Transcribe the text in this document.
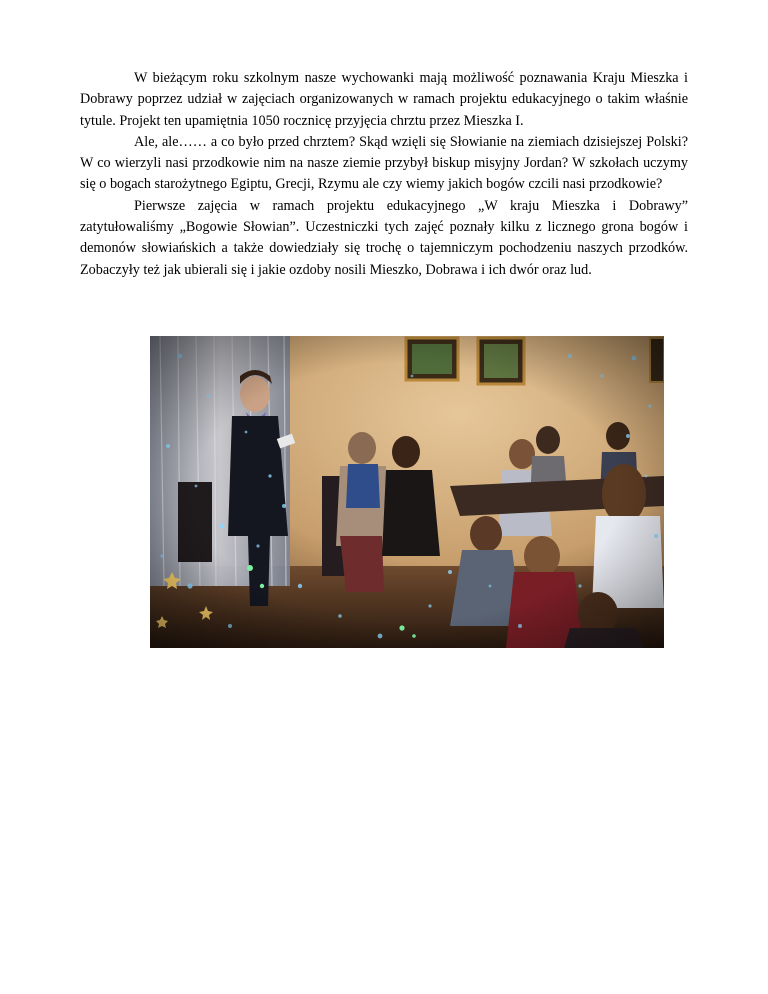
W bieżącym roku szkolnym nasze wychowanki mają możliwość poznawania Kraju Mieszka i Dobrawy poprzez udział w zajęciach organizowanych w ramach projektu edukacyjnego o takim właśnie tytule. Projekt ten upamiętnia 1050 rocznicę przyjęcia chrztu przez Mieszka I.

Ale, ale…… a co było przed chrztem? Skąd wzięli się Słowianie na ziemiach dzisiejszej Polski? W co wierzyli nasi przodkowie nim na nasze ziemie przybył biskup misyjny Jordan? W szkołach uczymy się o bogach starożytnego Egiptu, Grecji, Rzymu ale czy wiemy jakich bogów czcili nasi przodkowie?

Pierwsze zajęcia w ramach projektu edukacyjnego „W kraju Mieszka i Dobrawy” zatytułowaliśmy „Bogowie Słowian”. Uczestniczki tych zajęć poznały kilku z licznego grona bogów i demonów słowiańskich a także dowiedziały się trochę o tajemniczym pochodzeniu naszych przodków. Zobaczyły też jak ubierali się i jakie ozdoby nosili Mieszko, Dobrawa i ich dwór oraz lud.
